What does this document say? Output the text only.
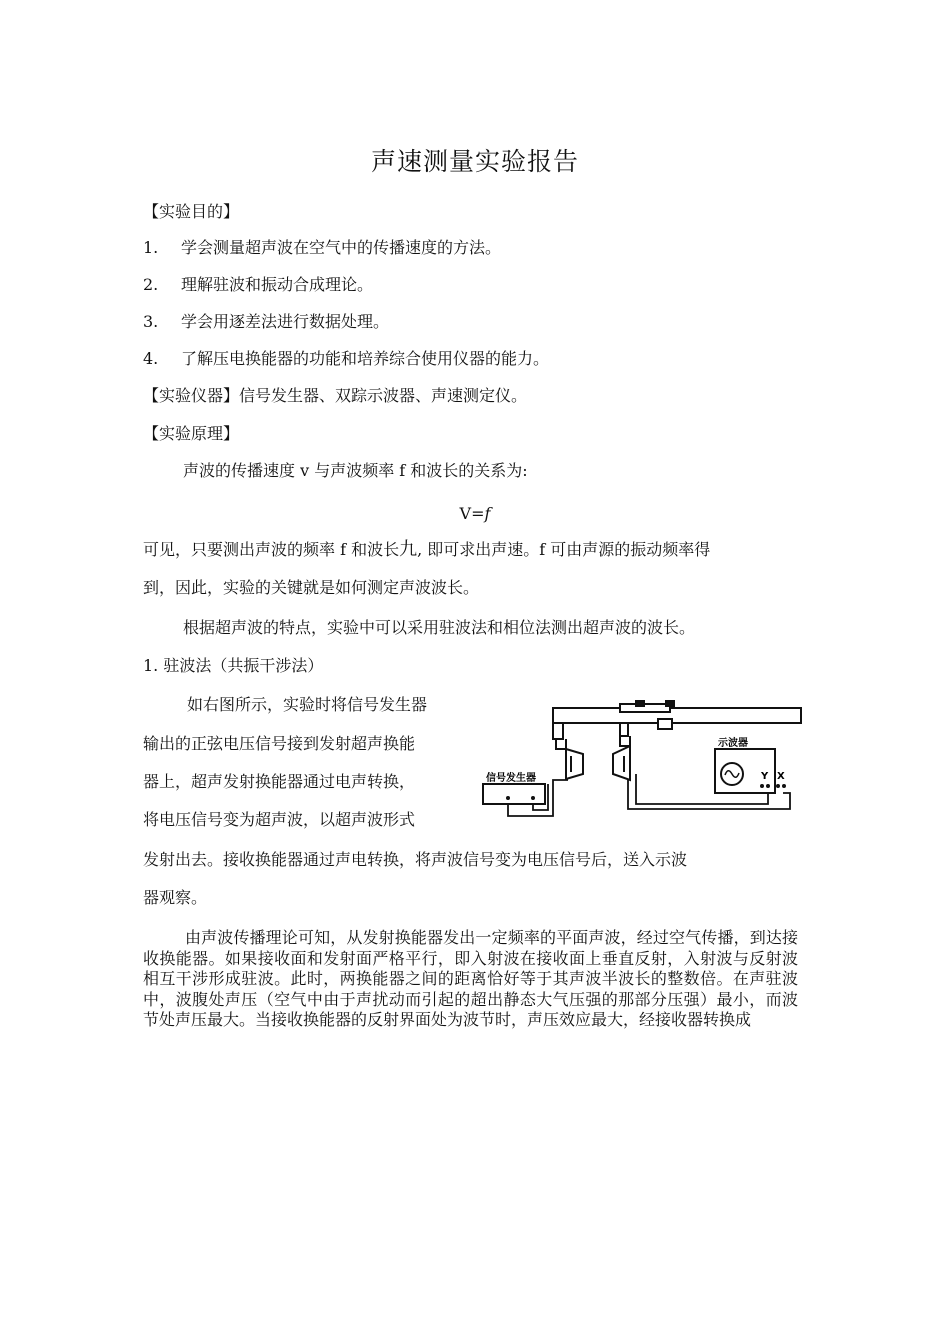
声速测量实验报告
【实验目的】
1. 学会测量超声波在空气中的传播速度的方法。
2. 理解驻波和振动合成理论。
3. 学会用逐差法进行数据处理。
4. 了解压电换能器的功能和培养综合使用仪器的能力。
【实验仪器】信号发生器、双踪示波器、声速测定仪。
【实验原理】
声波的传播速度 v 与声波频率 f 和波长的关系为:
V=f
可见，只要测出声波的频率 f 和波长九, 即可求出声速。f 可由声源的振动频率得
到，因此，实验的关键就是如何测定声波波长。
根据超声波的特点，实验中可以采用驻波法和相位法测出超声波的波长。
1. 驻波法（共振干涉法）
如右图所示，实验时将信号发生器
输出的正弦电压信号接到发射超声换能
器上，超声发射换能器通过电声转换，
将电压信号变为超声波，以超声波形式
发射出去。接收换能器通过声电转换，将声波信号变为电压信号后，送入示波
器观察。
由声波传播理论可知，从发射换能器发出一定频率的平面声波，经过空气传播，到达接收换能器。如果接收面和发射面严格平行，即入射波在接收面上垂直反射，入射波与反射波相互干涉形成驻波。此时，两换能器之间的距离恰好等于其声波半波长的整数倍。在声驻波中，波腹处声压（空气中由于声扰动而引起的超出静态大气压强的那部分压强）最小，而波节处声压最大。当接收换能器的反射界面处为波节时，声压效应最大，经接收器转换成
信号发生器
示波器
Y X
